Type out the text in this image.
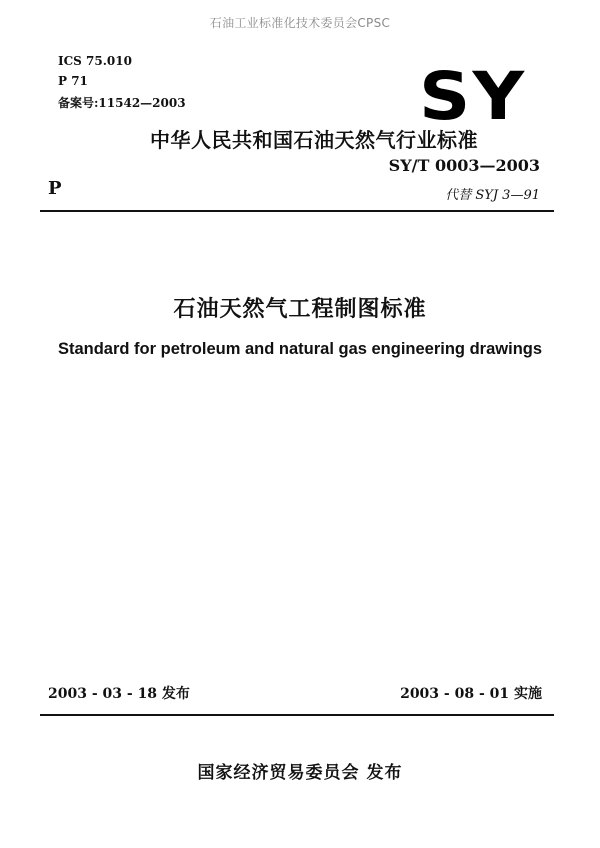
石油工业标准化技术委员会CPSC
ICS 75.010
P 71
备案号:11542—2003	SY
中华人民共和国石油天然气行业标准
P
SY/T 0003—2003
代替 SYJ 3—91
石油天然气工程制图标准
Standard for petroleum and natural gas engineering drawings
2003 - 03 - 18 发布	2003 - 08 - 01 实施
国家经济贸易委员会 发布
